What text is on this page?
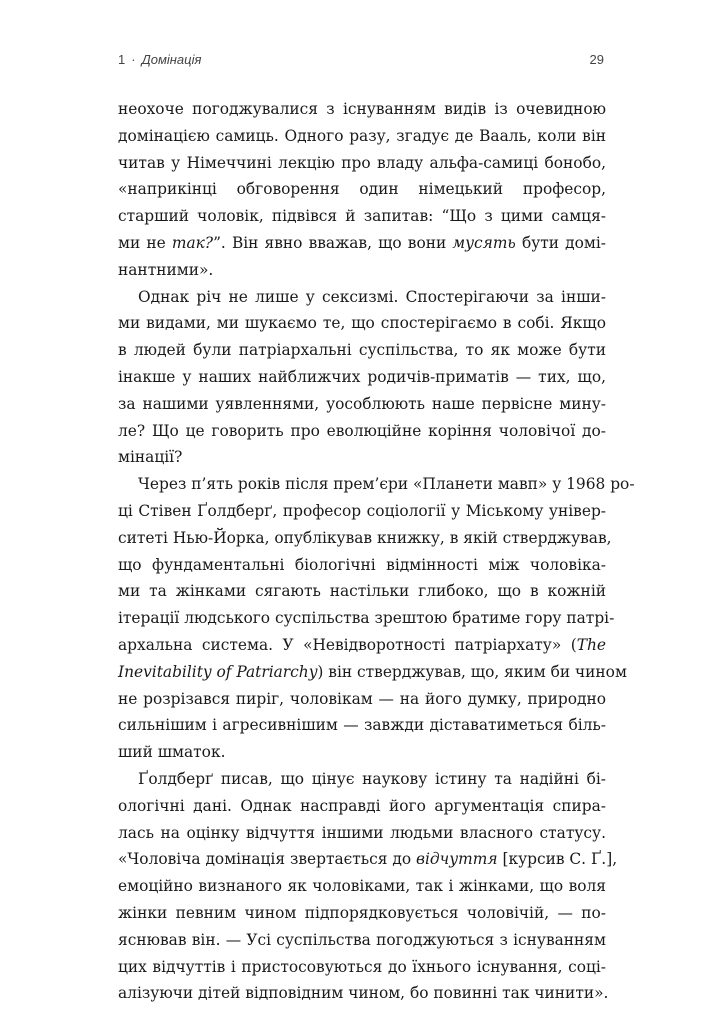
1 · Домінація	29
неохоче погоджувалися з існуванням видів із очевидною
домінацією самиць. Одного разу, згадує де Вааль, коли він
читав у Німеччині лекцію про владу альфа-самиці бонобо,
«наприкінці обговорення один німецький професор,
старший чоловік, підвівся й запитав: “Що з цими самця-
ми не так?”. Він явно вважав, що вони мусять бути домі-
нантними».
Однак річ не лише у сексизмі. Спостерігаючи за інши-
ми видами, ми шукаємо те, що спостерігаємо в собі. Якщо
в людей були патріархальні суспільства, то як може бути
інакше у наших найближчих родичів-приматів — тих, що,
за нашими уявленнями, уособлюють наше первісне мину-
ле? Що це говорить про еволюційне коріння чоловічої до-
мінації?
Через п’ять років після прем’єри «Планети мавп» у 1968 ро-
ці Стівен Ґолдберґ, професор соціології у Міському універ-
ситеті Нью-Йорка, опублікував книжку, в якій стверджував,
що фундаментальні біологічні відмінності між чоловіка-
ми та жінками сягають настільки глибоко, що в кожній
ітерації людського суспільства зрештою братиме гору патрі-
архальна система. У «Невідворотності патріархату» (The
Inevitability of Patriarchy) він стверджував, що, яким би чином
не розрізався пиріг, чоловікам — на його думку, природно
сильнішим і агресивнішим — завжди діставатиметься біль-
ший шматок.
Ґолдберґ писав, що цінує наукову істину та надійні бі-
ологічні дані. Однак насправді його аргументація спира-
лась на оцінку відчуття іншими людьми власного статусу.
«Чоловіча домінація звертається до відчуття [курсив С. Ґ.],
емоційно визнаного як чоловіками, так і жінками, що воля
жінки певним чином підпорядковується чоловічій, — по-
яснював він. — Усі суспільства погоджуються з існуванням
цих відчуттів і пристосовуються до їхнього існування, соці-
алізуючи дітей відповідним чином, бо повинні так чинити».
